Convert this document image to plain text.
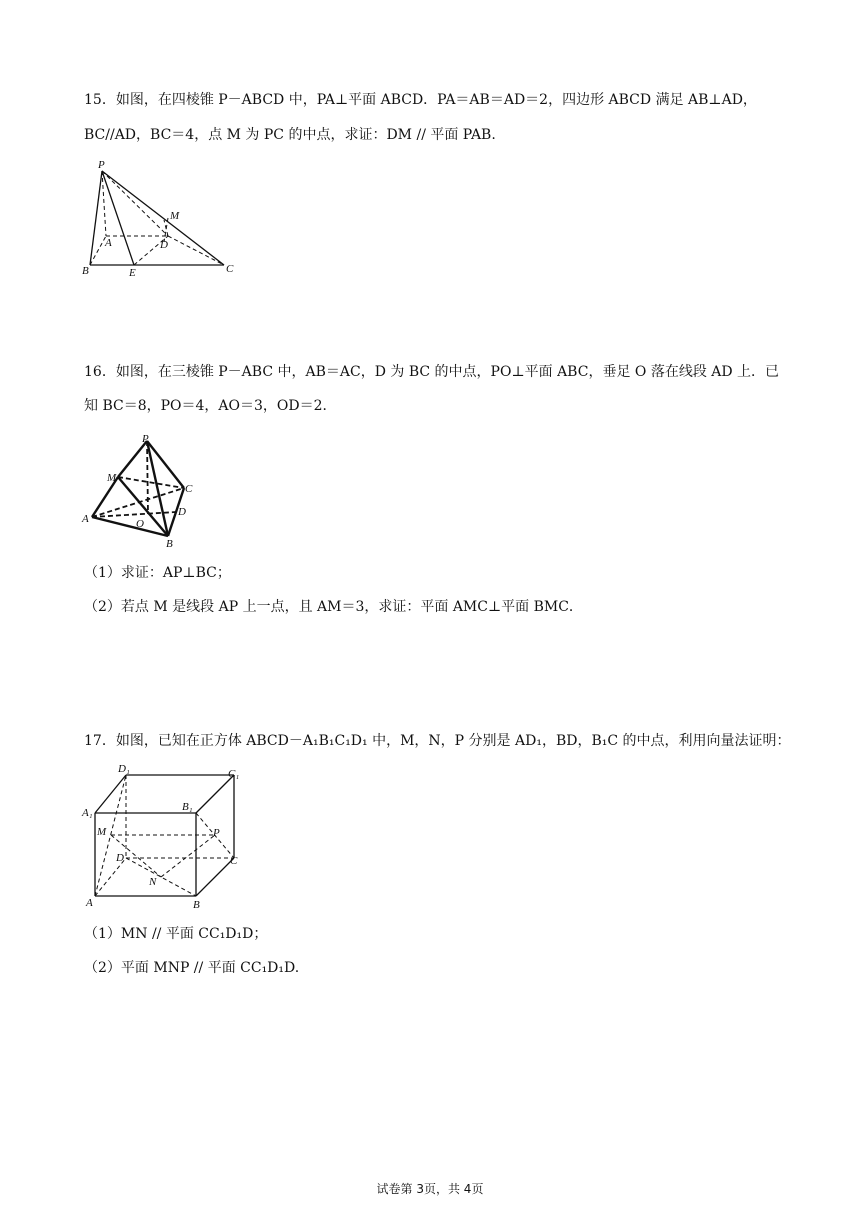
15．如图，在四棱锥 P－ABCD 中，PA⊥平面 ABCD．PA＝AB＝AD＝2，四边形 ABCD 满足 AB⊥AD，
BC//AD，BC＝4，点 M 为 PC 的中点，求证：DM // 平面 PAB.
P
M
A	D
B	E	C
16．如图，在三棱锥 P－ABC 中，AB＝AC，D 为 BC 的中点，PO⊥平面 ABC，垂足 O 落在线段 AD 上．已
知 BC＝8，PO＝4，AO＝3，OD＝2．
P
M
C
D
A	O
B
（1）求证：AP⊥BC；
（2）若点 M 是线段 AP 上一点，且 AM＝3，求证：平面 AMC⊥平面 BMC．
17．如图，已知在正方体 ABCD－A₁B₁C₁D₁ 中，M，N，P 分别是 AD₁，BD，B₁C 的中点，利用向量法证明：
D₁	C₁
A₁	B₁
M	P
D	C
N
A	B
（1）MN // 平面 CC₁D₁D；
（2）平面 MNP // 平面 CC₁D₁D.
试卷第 3页，共 4页
